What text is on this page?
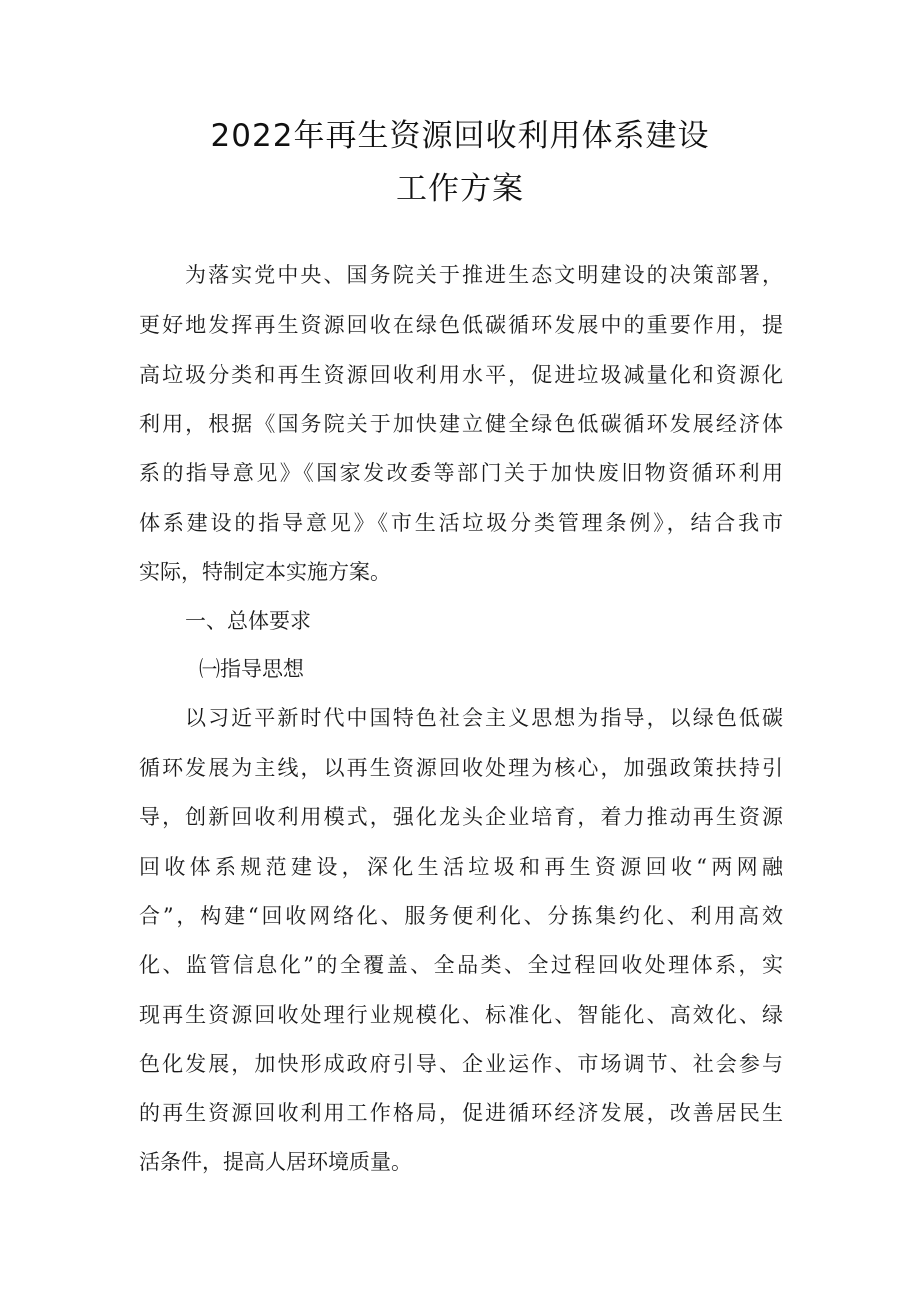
2022年再生资源回收利用体系建设
工作方案
为落实党中央、国务院关于推进生态文明建设的决策部署，
更好地发挥再生资源回收在绿色低碳循环发展中的重要作用，提
高垃圾分类和再生资源回收利用水平，促进垃圾减量化和资源化
利用，根据《国务院关于加快建立健全绿色低碳循环发展经济体
系的指导意见》《国家发改委等部门关于加快废旧物资循环利用
体系建设的指导意见》《市生活垃圾分类管理条例》，结合我市
实际，特制定本实施方案。
一、总体要求
㈠指导思想
以习近平新时代中国特色社会主义思想为指导，以绿色低碳
循环发展为主线，以再生资源回收处理为核心，加强政策扶持引
导，创新回收利用模式，强化龙头企业培育，着力推动再生资源
回收体系规范建设，深化生活垃圾和再生资源回收“两网融
合”，构建“回收网络化、服务便利化、分拣集约化、利用高效
化、监管信息化”的全覆盖、全品类、全过程回收处理体系，实
现再生资源回收处理行业规模化、标准化、智能化、高效化、绿
色化发展，加快形成政府引导、企业运作、市场调节、社会参与
的再生资源回收利用工作格局，促进循环经济发展，改善居民生
活条件，提高人居环境质量。
